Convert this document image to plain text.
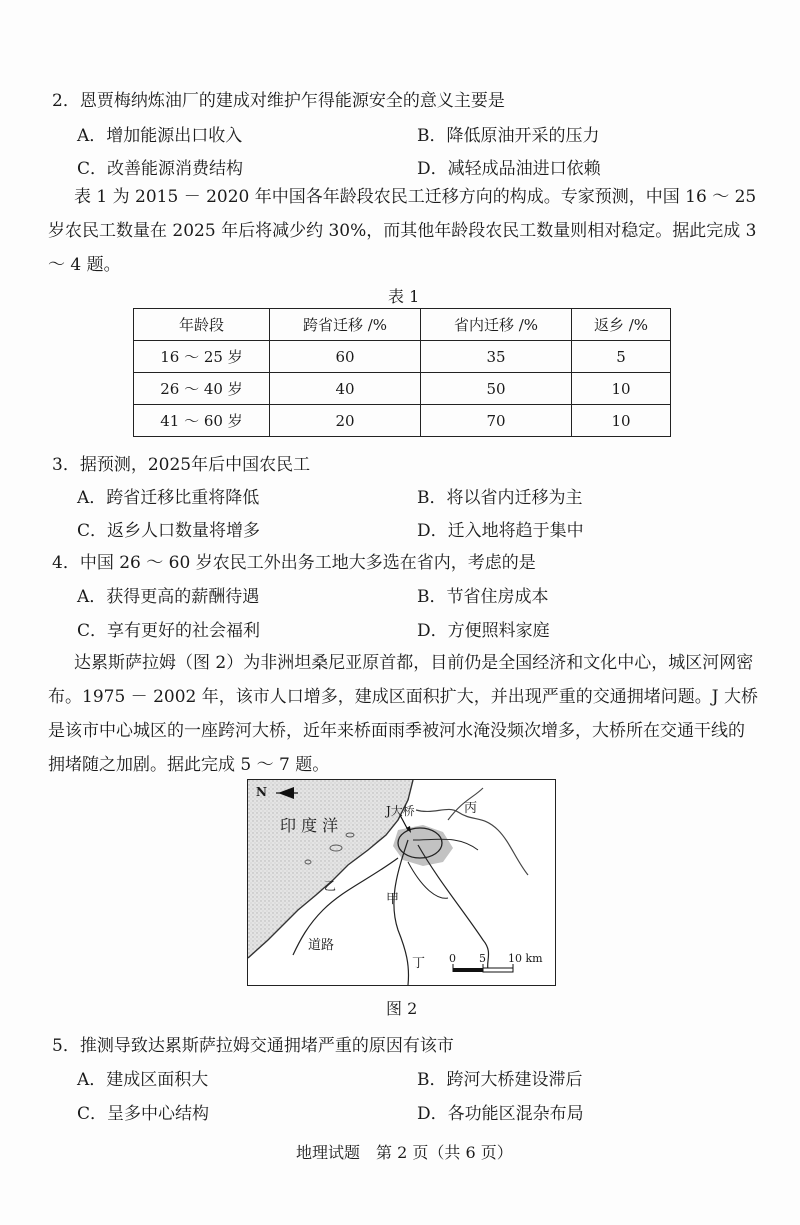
2．恩贾梅纳炼油厂的建成对维护乍得能源安全的意义主要是
A．增加能源出口收入	B．降低原油开采的压力
C．改善能源消费结构	D．减轻成品油进口依赖
表 1 为 2015 － 2020 年中国各年龄段农民工迁移方向的构成。专家预测，中国 16 ～ 25 岁农民工数量在 2025 年后将减少约 30%，而其他年龄段农民工数量则相对稳定。据此完成 3 ～ 4 题。
表 1
年龄段	跨省迁移 /%	省内迁移 /%	返乡 /%
16 ～ 25 岁	60	35	5
26 ～ 40 岁	40	50	10
41 ～ 60 岁	20	70	10
3．据预测，2025年后中国农民工
A．跨省迁移比重将降低	B．将以省内迁移为主
C．返乡人口数量将增多	D．迁入地将趋于集中
4．中国 26 ～ 60 岁农民工外出务工地大多选在省内，考虑的是
A．获得更高的薪酬待遇	B．节省住房成本
C．享有更好的社会福利	D．方便照料家庭
达累斯萨拉姆（图 2）为非洲坦桑尼亚原首都，目前仍是全国经济和文化中心，城区河网密布。1975 － 2002 年，该市人口增多，建成区面积扩大，并出现严重的交通拥堵问题。J 大桥是该市中心城区的一座跨河大桥，近年来桥面雨季被河水淹没频次增多，大桥所在交通干线的拥堵随之加剧。据此完成 5 ～ 7 题。
N
印 度 洋
J大桥	丙
乙
甲
丁
道路
0 5 10 km
图 2
5．推测导致达累斯萨拉姆交通拥堵严重的原因有该市
A．建成区面积大	B．跨河大桥建设滞后
C．呈多中心结构	D．各功能区混杂布局
地理试题　第 2 页（共 6 页）
